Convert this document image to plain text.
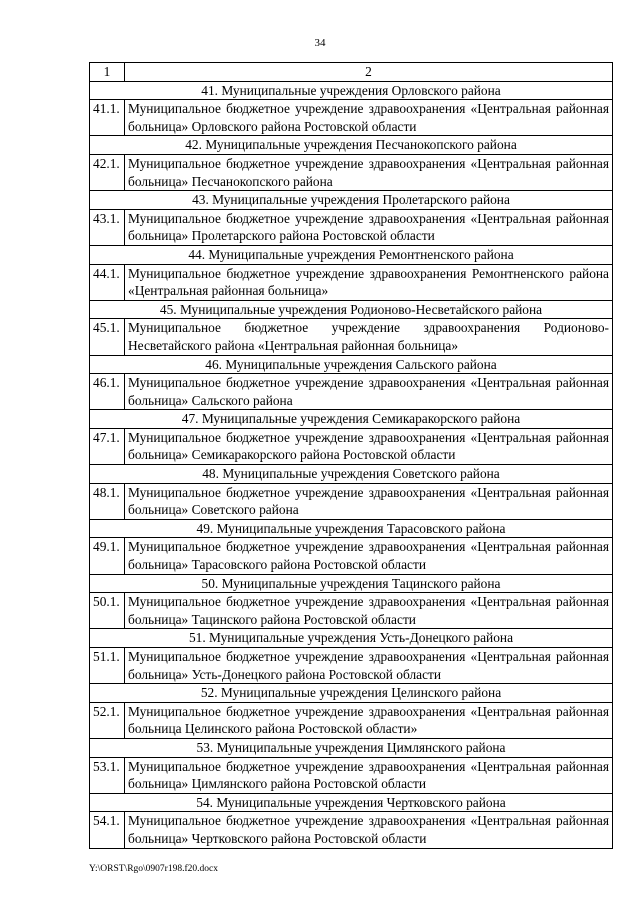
34
1	2
41. Муниципальные учреждения Орловского района	
41.1.	Муниципальное бюджетное учреждение здравоохранения «Центральная районная больница» Орловского района Ростовской области
42. Муниципальные учреждения Песчанокопского района	
42.1.	Муниципальное бюджетное учреждение здравоохранения «Центральная районная больница» Песчанокопского района
43. Муниципальные учреждения Пролетарского района	
43.1.	Муниципальное бюджетное учреждение здравоохранения «Центральная районная больница» Пролетарского района Ростовской области
44. Муниципальные учреждения Ремонтненского района	
44.1.	Муниципальное бюджетное учреждение здравоохранения Ремонтненского района «Центральная районная больница»
45. Муниципальные учреждения Родионово-Несветайского района	
45.1.	Муниципальное бюджетное учреждение здравоохранения Родионово-Несветайского района «Центральная районная больница»
46. Муниципальные учреждения Сальского района	
46.1.	Муниципальное бюджетное учреждение здравоохранения «Центральная районная больница» Сальского района
47. Муниципальные учреждения Семикаракорского района	
47.1.	Муниципальное бюджетное учреждение здравоохранения «Центральная районная больница» Семикаракорского района Ростовской области
48. Муниципальные учреждения Советского района	
48.1.	Муниципальное бюджетное учреждение здравоохранения «Центральная районная больница» Советского района
49. Муниципальные учреждения Тарасовского района	
49.1.	Муниципальное бюджетное учреждение здравоохранения «Центральная районная больница» Тарасовского района Ростовской области
50. Муниципальные учреждения Тацинского района	
50.1.	Муниципальное бюджетное учреждение здравоохранения «Центральная районная больница» Тацинского района Ростовской области
51. Муниципальные учреждения Усть-Донецкого района	
51.1.	Муниципальное бюджетное учреждение здравоохранения «Центральная районная больница» Усть-Донецкого района Ростовской области
52. Муниципальные учреждения Целинского района	
52.1.	Муниципальное бюджетное учреждение здравоохранения «Центральная районная больница Целинского района Ростовской области»
53. Муниципальные учреждения Цимлянского района	
53.1.	Муниципальное бюджетное учреждение здравоохранения «Центральная районная больница» Цимлянского района Ростовской области
54. Муниципальные учреждения Чертковского района	
54.1.	Муниципальное бюджетное учреждение здравоохранения «Центральная районная больница» Чертковского района Ростовской области
Y:\ORST\Rgo\0907r198.f20.docx
